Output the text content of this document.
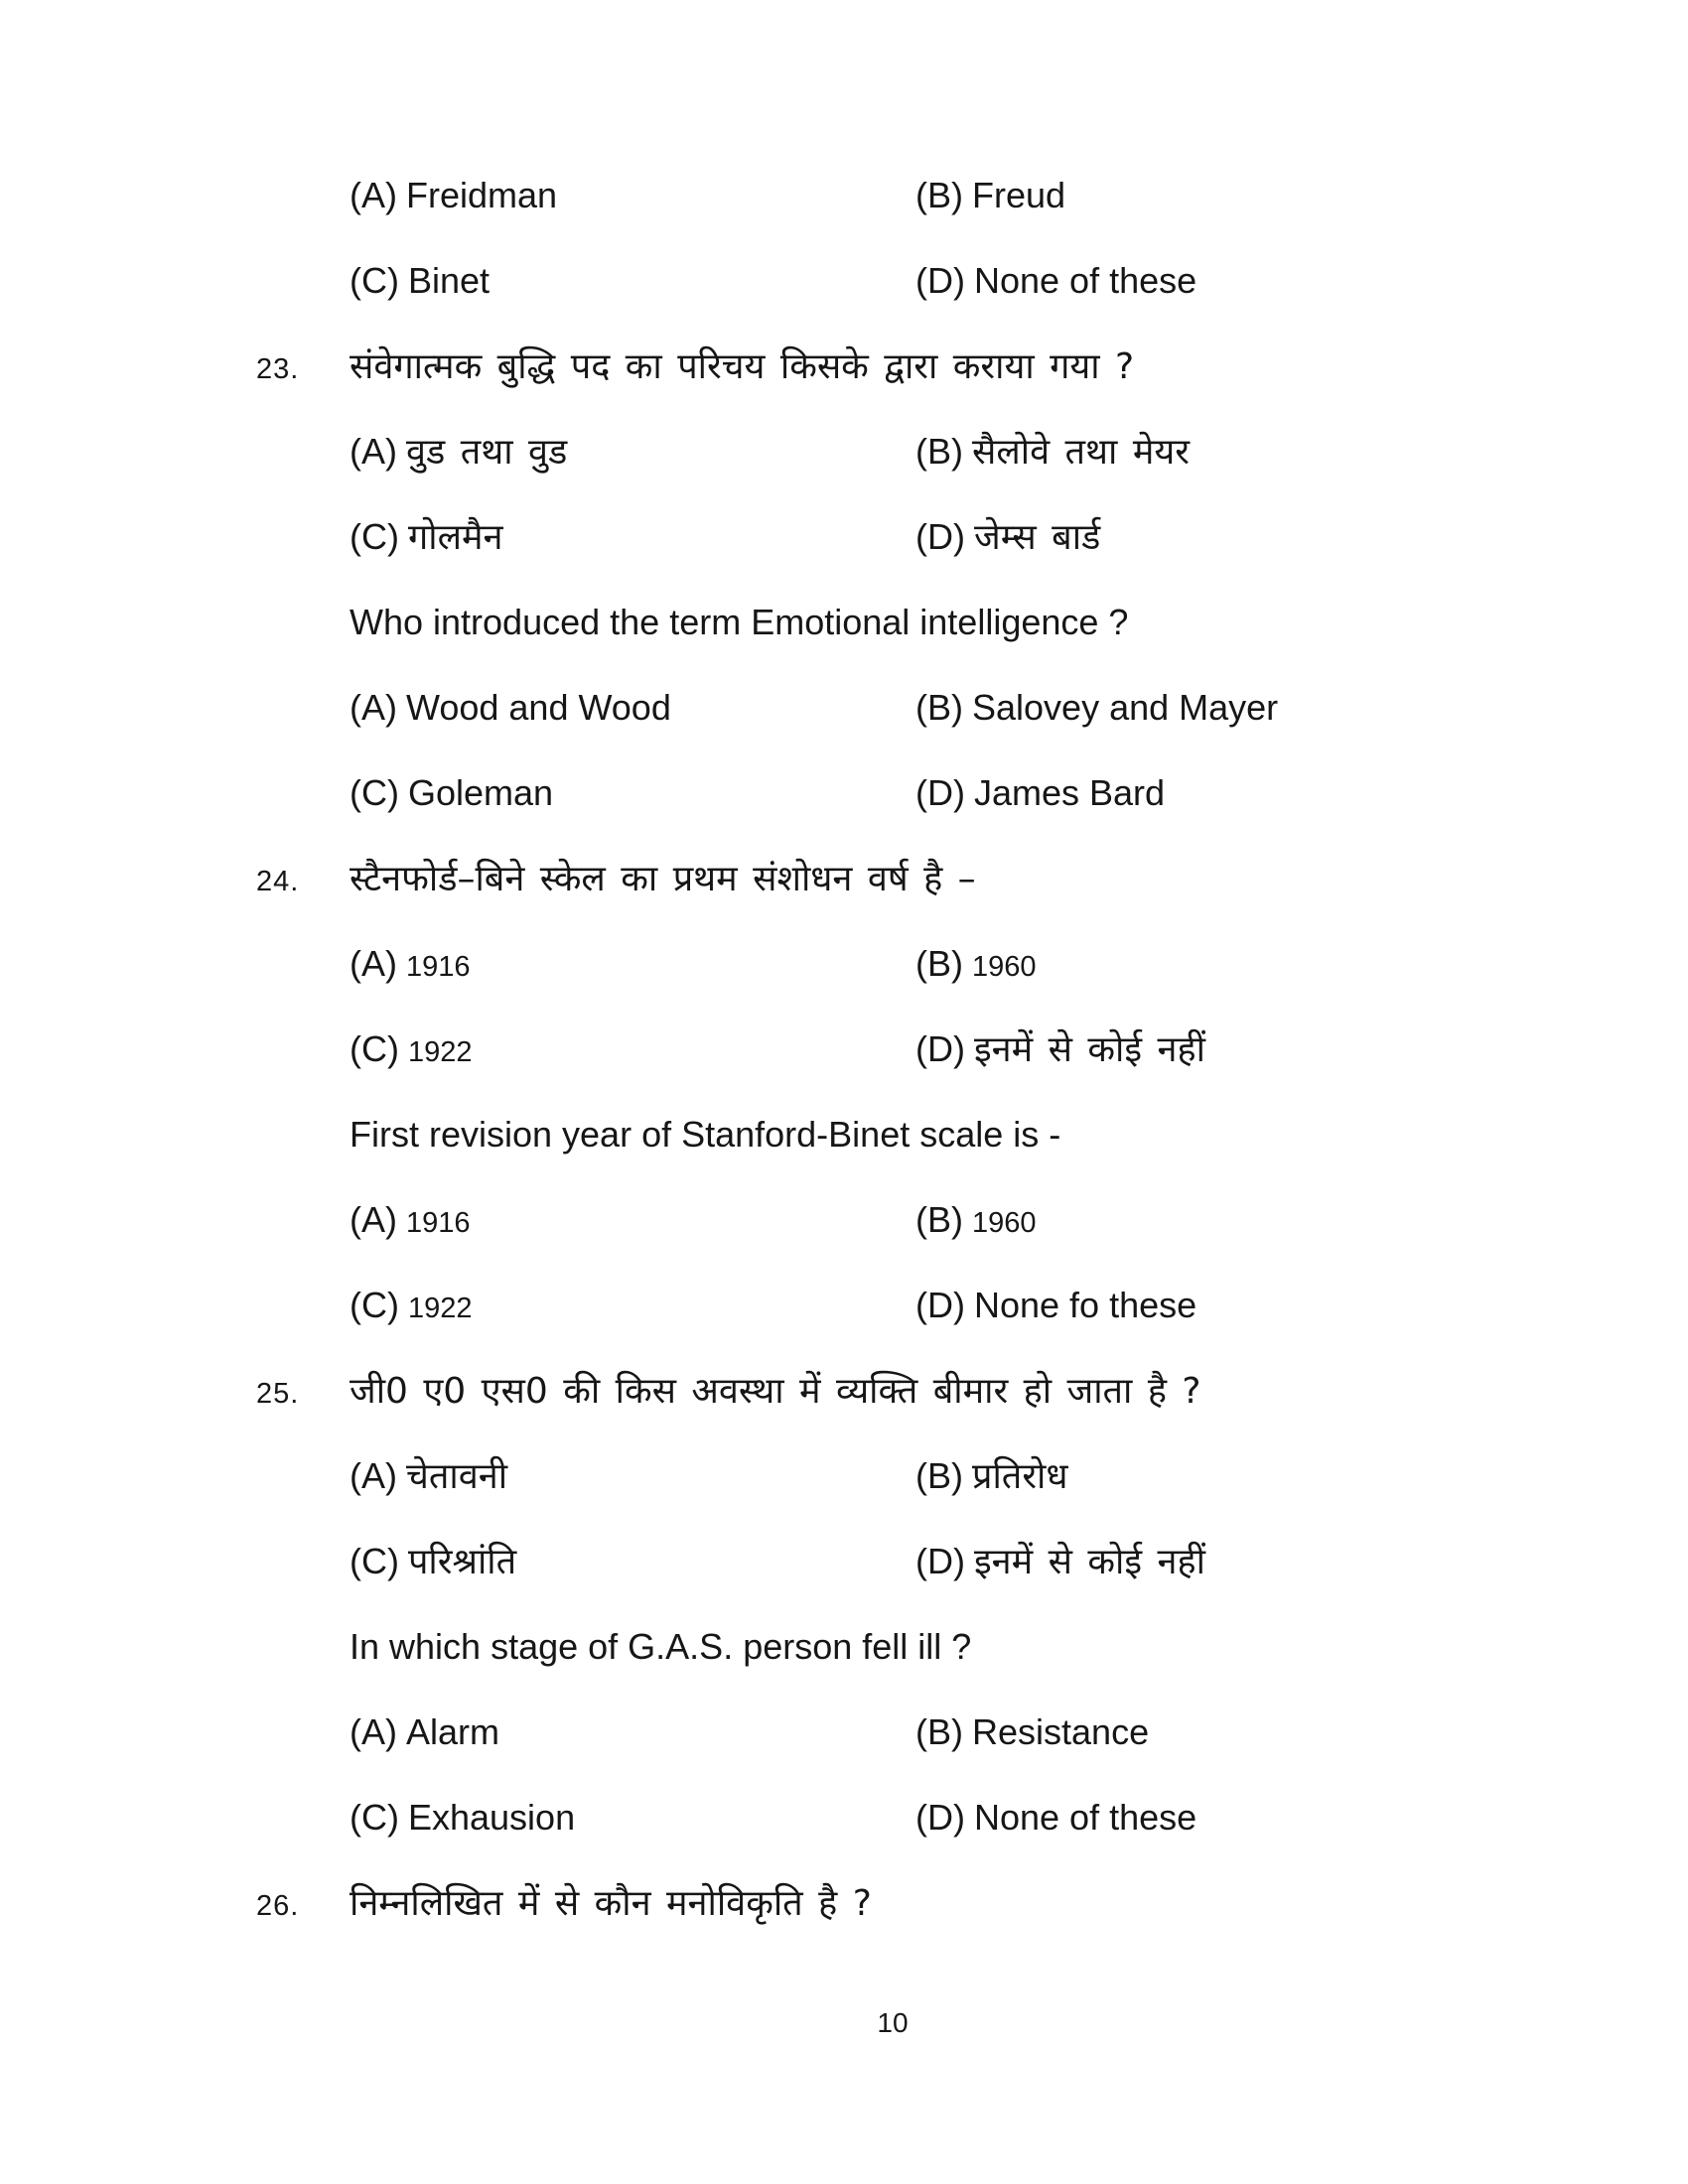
(A) Freidman	(B) Freud
(C) Binet	(D) None of these
23. संवेगात्मक बुद्धि पद का परिचय किसके द्वारा कराया गया ?
(A) वुड तथा वुड	(B) सैलोवे तथा मेयर
(C) गोलमैन	(D) जेम्स बार्ड
Who introduced the term Emotional intelligence ?
(A) Wood and Wood	(B) Salovey and Mayer
(C) Goleman	(D) James Bard
24. स्टैनफोर्ड–बिने स्केल का प्रथम संशोधन वर्ष है –
(A) 1916	(B) 1960
(C) 1922	(D) इनमें से कोई नहीं
First revision year of Stanford-Binet scale is -
(A) 1916	(B) 1960
(C) 1922	(D) None fo these
25. जी0 ए0 एस0 की किस अवस्था में व्यक्ति बीमार हो जाता है ?
(A) चेतावनी	(B) प्रतिरोध
(C) परिश्रांति	(D) इनमें से कोई नहीं
In which stage of G.A.S. person fell ill ?
(A) Alarm	(B) Resistance
(C) Exhausion	(D) None of these
26. निम्नलिखित में से कौन मनोविकृति है ?
10
